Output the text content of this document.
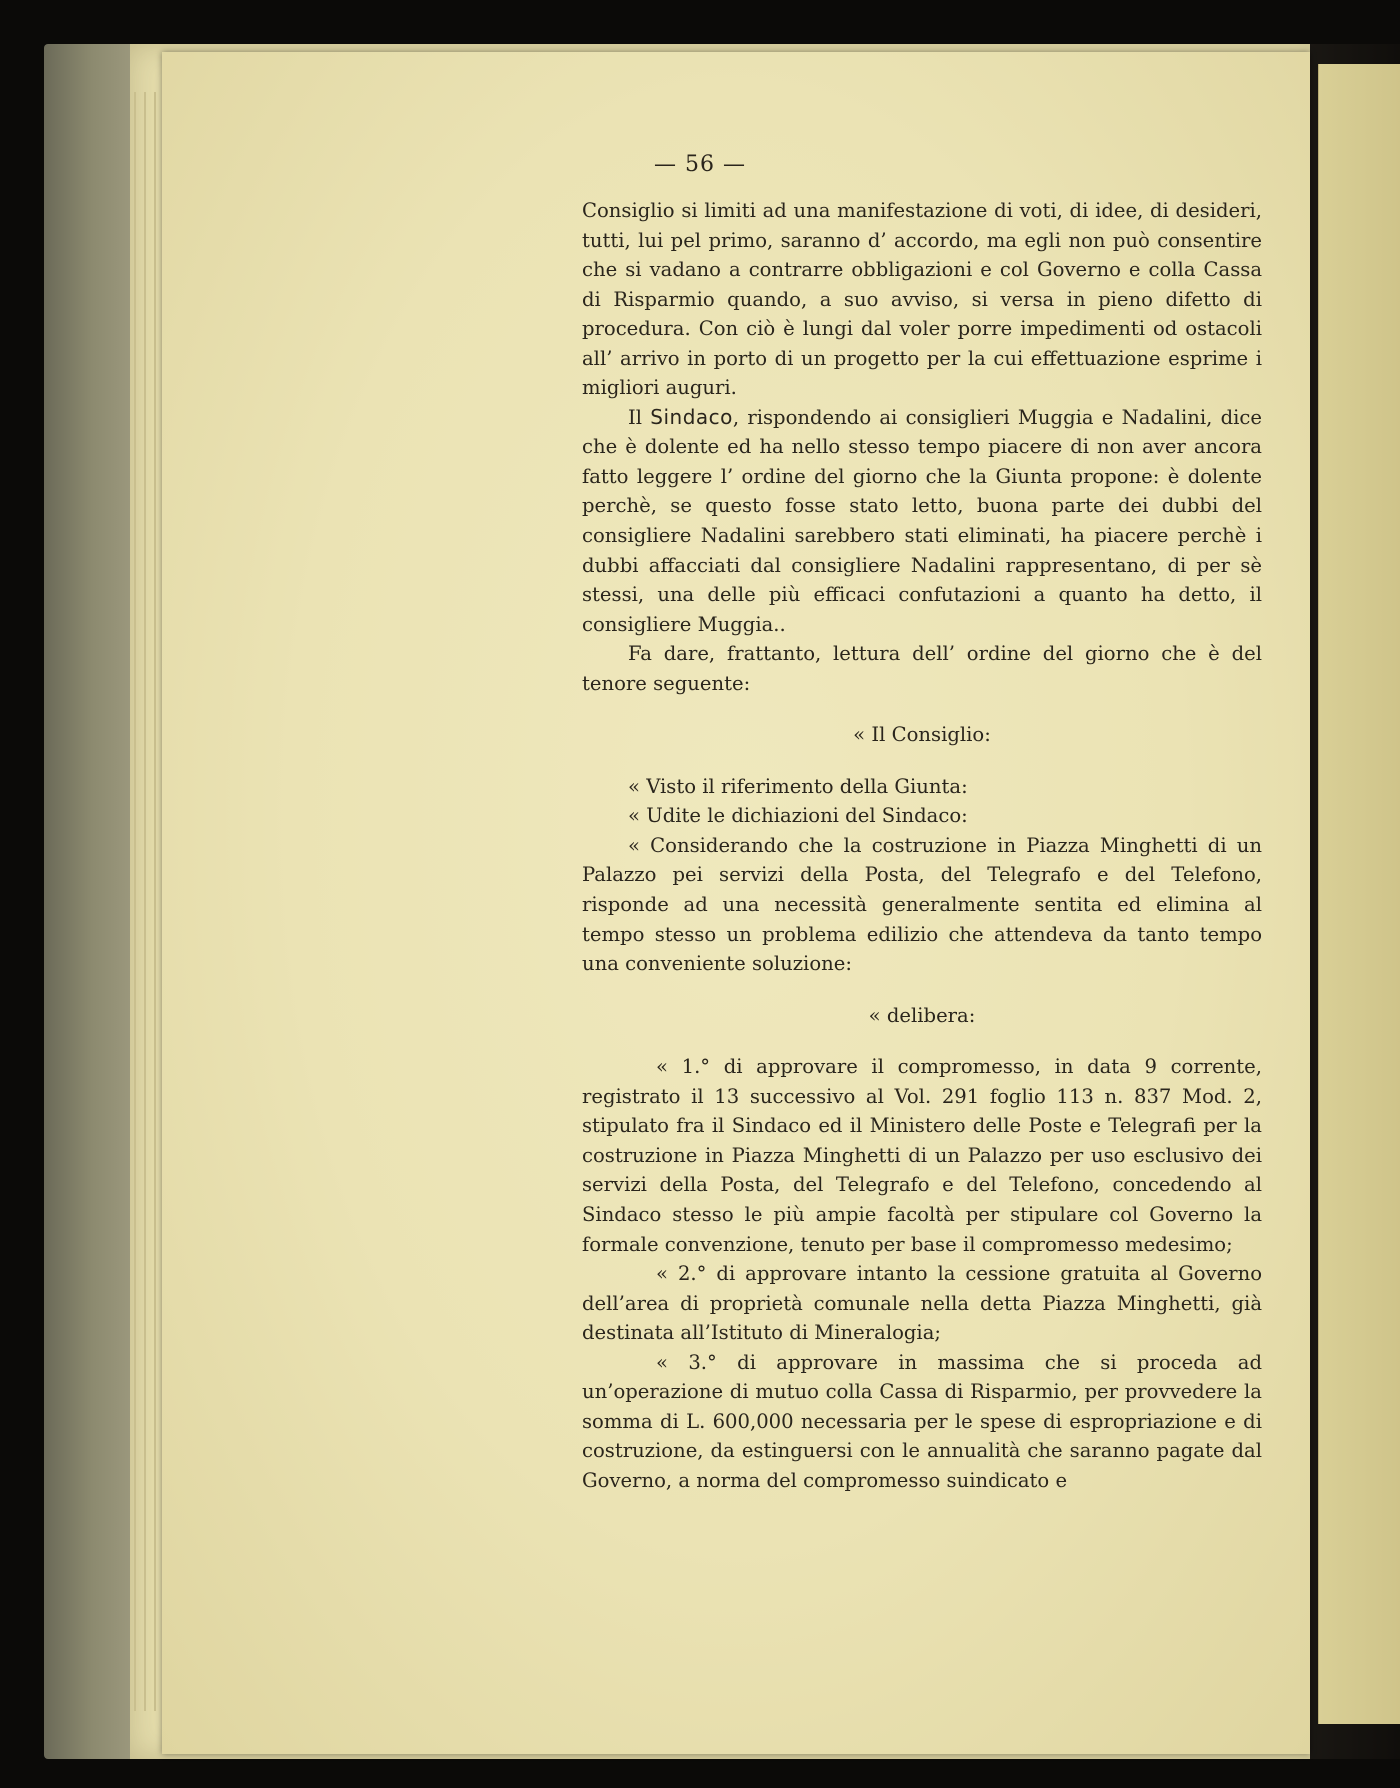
— 56 —

Consiglio si limiti ad una manifestazione di voti, di idee, di desideri, tutti, lui pel primo, saranno d’ accordo, ma egli non può consentire che si vadano a contrarre obbligazioni e col Governo e colla Cassa di Risparmio quando, a suo avviso, si versa in pieno difetto di procedura. Con ciò è lungi dal voler porre impedimenti od ostacoli all’ arrivo in porto di un progetto per la cui effettuazione esprime i migliori auguri.

Il Sindaco, rispondendo ai consiglieri Muggia e Nadalini, dice che è dolente ed ha nello stesso tempo piacere di non aver ancora fatto leggere l’ ordine del giorno che la Giunta propone: è dolente perchè, se questo fosse stato letto, buona parte dei dubbi del consigliere Nadalini sarebbero stati eliminati, ha piacere perchè i dubbi affacciati dal consigliere Nadalini rappresentano, di per sè stessi, una delle più efficaci confutazioni a quanto ha detto, il consigliere Muggia..

Fa dare, frattanto, lettura dell’ ordine del giorno che è del tenore seguente:

« Il Consiglio:

« Visto il riferimento della Giunta:

« Udite le dichiazioni del Sindaco:

« Considerando che la costruzione in Piazza Minghetti di un Palazzo pei servizi della Posta, del Telegrafo e del Telefono, risponde ad una necessità generalmente sentita ed elimina al tempo stesso un problema edilizio che attendeva da tanto tempo una conveniente soluzione:

« delibera:

« 1.° di approvare il compromesso, in data 9 corrente, registrato il 13 successivo al Vol. 291 foglio 113 n. 837 Mod. 2, stipulato fra il Sindaco ed il Ministero delle Poste e Telegrafi per la costruzione in Piazza Minghetti di un Palazzo per uso esclusivo dei servizi della Posta, del Telegrafo e del Telefono, concedendo al Sindaco stesso le più ampie facoltà per stipulare col Governo la formale convenzione, tenuto per base il compromesso medesimo;

« 2.° di approvare intanto la cessione gratuita al Governo dell’area di proprietà comunale nella detta Piazza Minghetti, già destinata all’Istituto di Mineralogia;

« 3.° di approvare in massima che si proceda ad un’operazione di mutuo colla Cassa di Risparmio, per provvedere la somma di L. 600,000 necessaria per le spese di espropriazione e di costruzione, da estinguersi con le annualità che saranno pagate dal Governo, a norma del compromesso suindicato e
